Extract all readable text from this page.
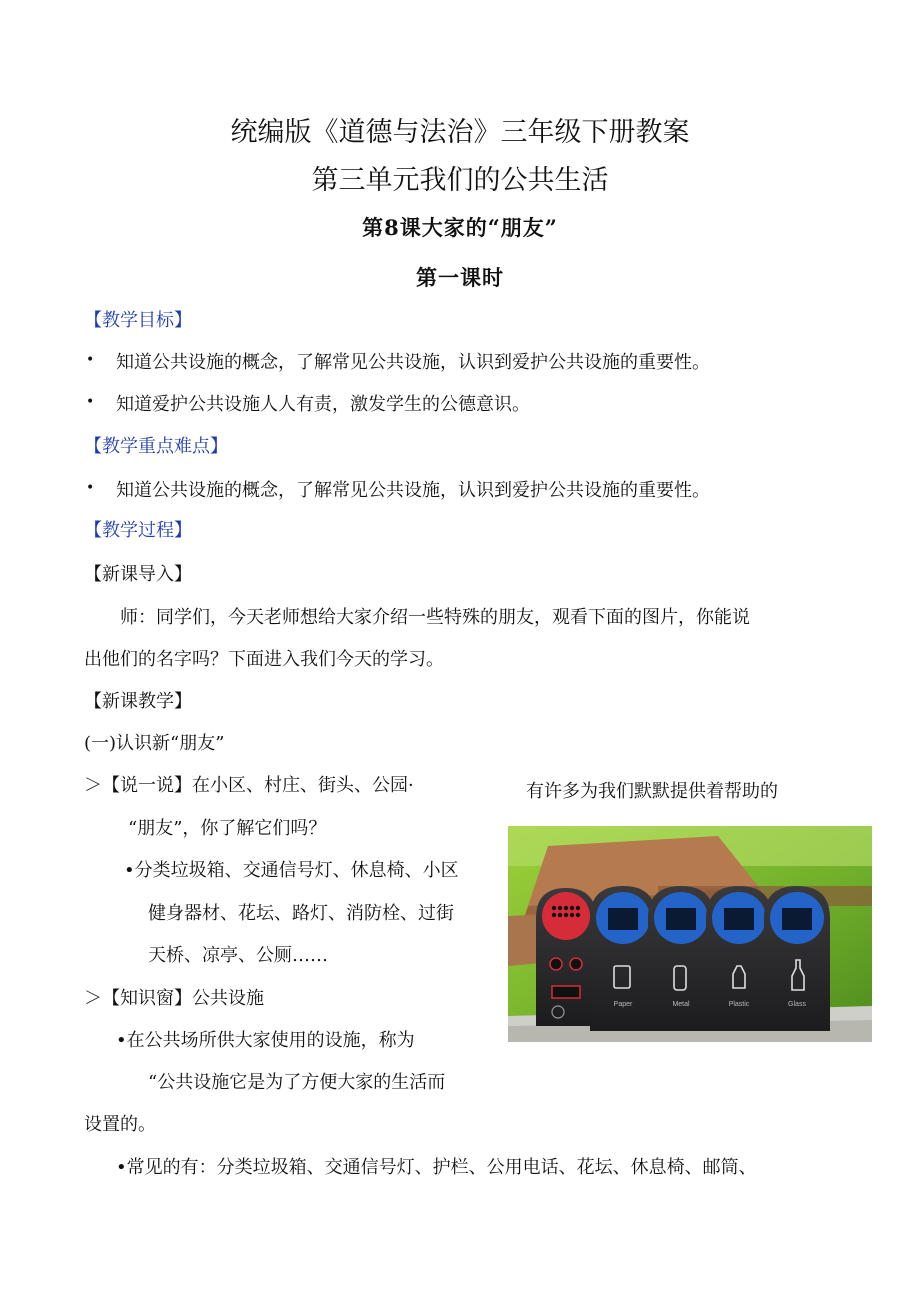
统编版《道德与法治》三年级下册教案
第三单元我们的公共生活
第8课大家的“朋友”
第一课时
【教学目标】
• 知道公共设施的概念，了解常见公共设施，认识到爱护公共设施的重要性。
• 知道爱护公共设施人人有责，激发学生的公德意识。
【教学重点难点】
• 知道公共设施的概念，了解常见公共设施，认识到爱护公共设施的重要性。
【教学过程】
【新课导入】
师：同学们，今天老师想给大家介绍一些特殊的朋友，观看下面的图片，你能说
出他们的名字吗？下面进入我们今天的学习。
【新课教学】
(一)认识新“朋友”
＞【说一说】在小区、村庄、街头、公园·
“朋友”，你了解它们吗？
•分类垃圾箱、交通信号灯、休息椅、小区
健身器材、花坛、路灯、消防栓、过街
天桥、凉亭、公厕……
＞【知识窗】公共设施
•在公共场所供大家使用的设施，称为
“公共设施它是为了方便大家的生活而
设置的。
•常见的有：分类垃圾箱、交通信号灯、护栏、公用电话、花坛、休息椅、邮筒、
有许多为我们默默提供着帮助的
Paper	Metal	Plastic	Glass
